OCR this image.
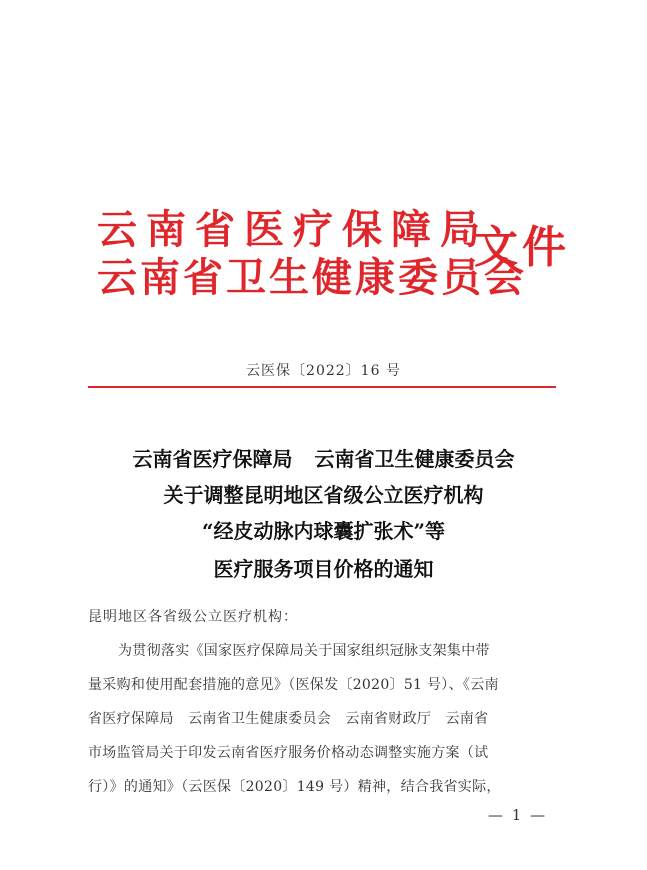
云南省医疗保障局
云南省卫生健康委员会
文件
云医保〔2022〕16 号
云南省医疗保障局 云南省卫生健康委员会
关于调整昆明地区省级公立医疗机构
“经皮动脉内球囊扩张术”等
医疗服务项目价格的通知
昆明地区各省级公立医疗机构：
为贯彻落实《国家医疗保障局关于国家组织冠脉支架集中带
量采购和使用配套措施的意见》（医保发〔2020〕51 号）、《云南
省医疗保障局　云南省卫生健康委员会　云南省财政厅　云南省
市场监管局关于印发云南省医疗服务价格动态调整实施方案（试
行）》的通知》（云医保〔2020〕149 号）精神，结合我省实际，
— 1 —
